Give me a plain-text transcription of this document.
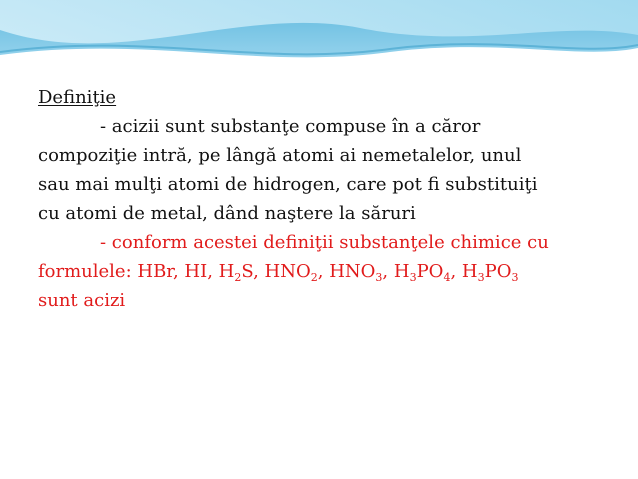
Definiţie

- acizii sunt substanţe compuse în a căror
compoziţie intră, pe lângă atomi ai nemetalelor, unul
sau mai mulţi atomi de hidrogen, care pot fi substituiţi
cu atomi de metal, dând naştere la săruri

- conform acestei definiţii substanţele chimice cu
formulele: HBr, HI, $H_2S$, $HNO_2$, $HNO_3$, $H_3PO_4$, $H_3PO_3$
sunt acizi
